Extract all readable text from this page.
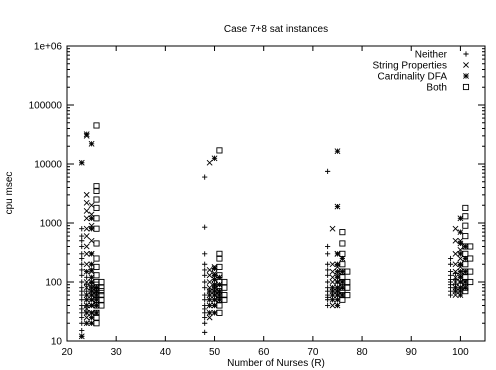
Case 7+8 sat instances
20	30	40	50	60	70	80	90	100
10
100
1000
10000
100000
1e+06
Neither
String Properties
Cardinality DFA
Both
Number of Nurses (R)
cpu msec
